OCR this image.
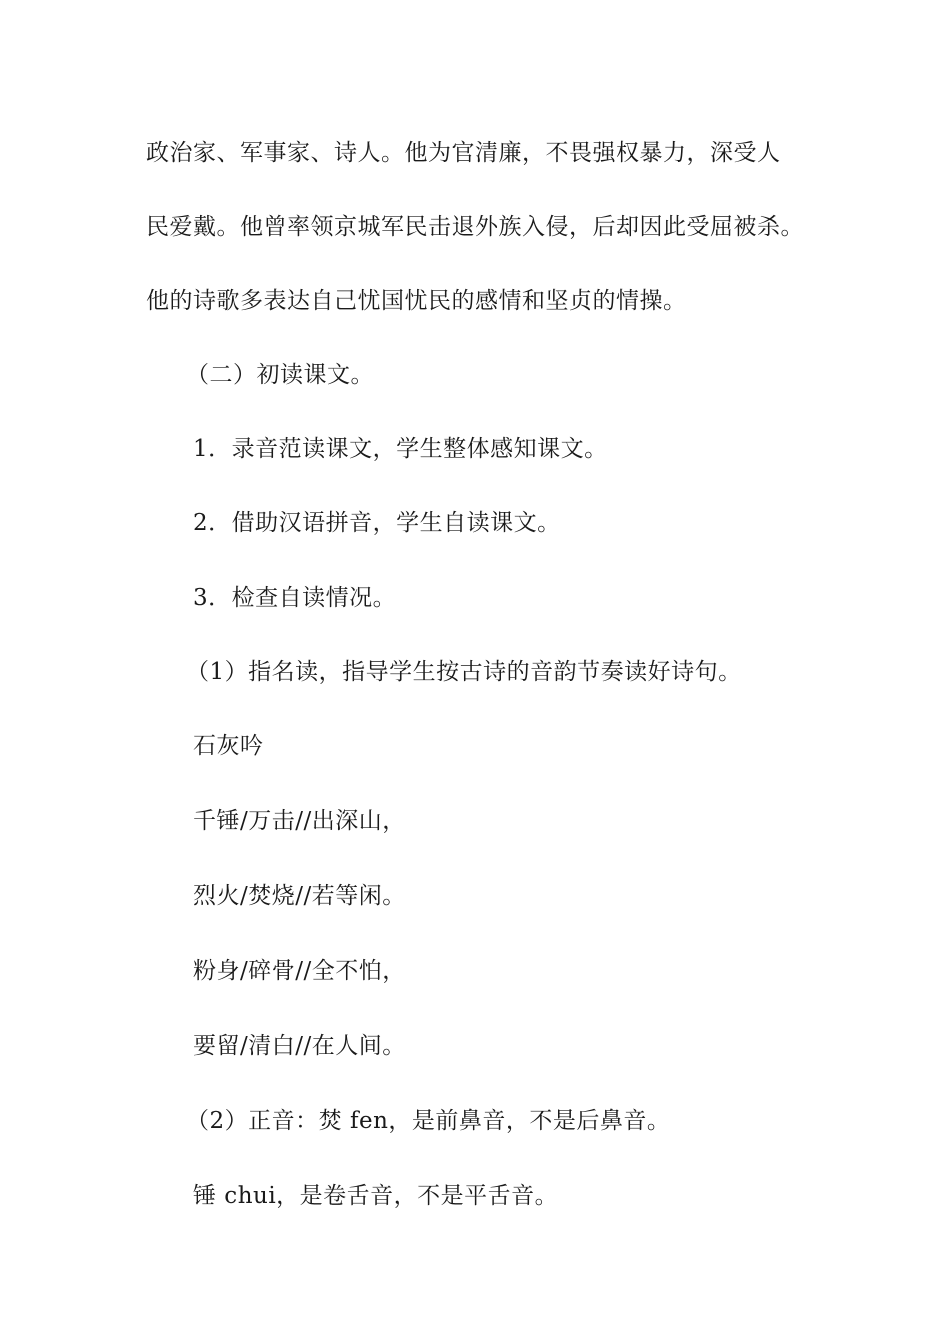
政治家、军事家、诗人。他为官清廉，不畏强权暴力，深受人
民爱戴。他曾率领京城军民击退外族入侵，后却因此受屈被杀。
他的诗歌多表达自己忧国忧民的感情和坚贞的情操。
（二）初读课文。
1．录音范读课文，学生整体感知课文。
2．借助汉语拼音，学生自读课文。
3．检查自读情况。
（1）指名读，指导学生按古诗的音韵节奏读好诗句。
石灰吟
千锤/万击//出深山，
烈火/焚烧//若等闲。
粉身/碎骨//全不怕，
要留/清白//在人间。
（2）正音：焚 fen，是前鼻音，不是后鼻音。
锤 chui，是卷舌音，不是平舌音。
